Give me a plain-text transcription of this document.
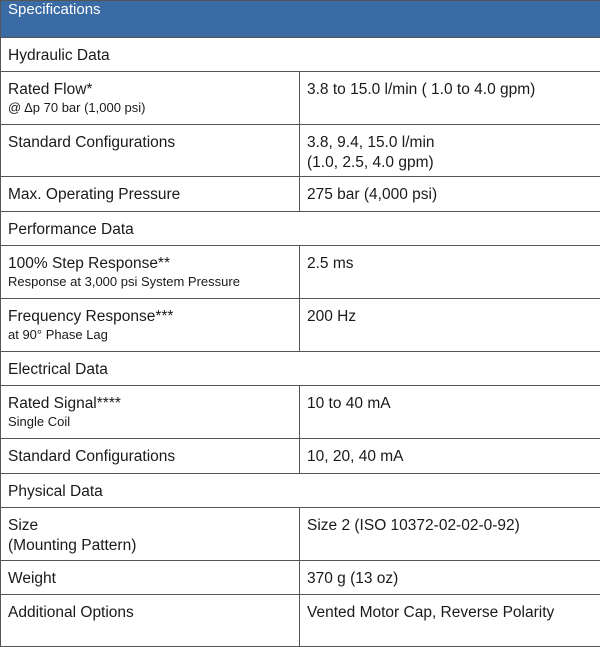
Specifications	
Hydraulic Data	

Rated Flow*
@ Δp 70 bar (1,000 psi)	3.8 to 15.0 l/min ( 1.0 to 4.0 gpm)

Standard Configurations	3.8, 9.4, 15.0 l/min
(1.0, 2.5, 4.0 gpm)

Max. Operating Pressure	275 bar (4,000 psi)

Performance Data	

100% Step Response**
Response at 3,000 psi System Pressure	2.5 ms

Frequency Response***
at 90° Phase Lag	200 Hz

Electrical Data	

Rated Signal****
Single Coil	10 to 40 mA

Standard Configurations	10, 20, 40 mA

Physical Data	

Size
(Mounting Pattern)	Size 2 (ISO 10372-02-02-0-92)

Weight	370 g (13 oz)

Additional Options	Vented Motor Cap, Reverse Polarity
